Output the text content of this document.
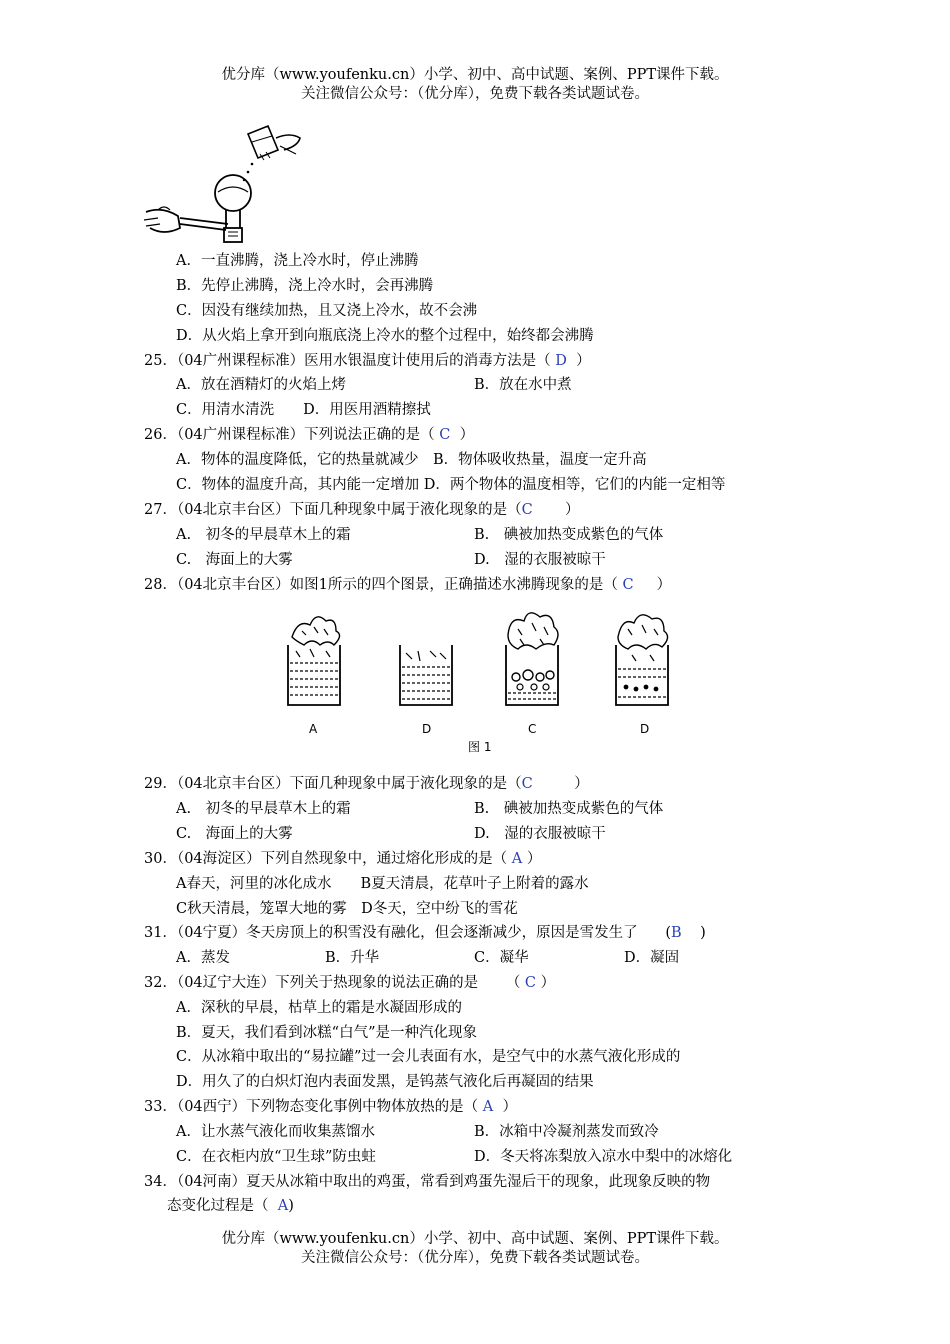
优分库（www.youfenku.cn）小学、初中、高中试题、案例、PPT课件下载。
关注微信公众号：（优分库），免费下载各类试题试卷。
A．一直沸腾，浇上冷水时，停止沸腾
B．先停止沸腾，浇上冷水时，会再沸腾
C．因没有继续加热，且又浇上冷水，故不会沸
D．从火焰上拿开到向瓶底浇上冷水的整个过程中，始终都会沸腾
25．（04广州课程标准）医用水银温度计使用后的消毒方法是（ D ）
A．放在酒精灯的火焰上烤	B．放在水中煮
C．用清水清洗　　D．用医用酒精擦拭
26．（04广州课程标准）下列说法正确的是（ C ）
A．物体的温度降低，它的热量就减少　B．物体吸收热量，温度一定升高
C．物体的温度升高，其内能一定增加 D．两个物体的温度相等，它们的内能一定相等
27．（04北京丰台区）下面几种现象中属于液化现象的是（C ）
A.　初冬的早晨草木上的霜	B.　碘被加热变成紫色的气体
C.　海面上的大雾	D.　湿的衣服被晾干
28．（04北京丰台区）如图1所示的四个图景，正确描述水沸腾现象的是（ C ）
A	D	C	D
图 1
29．（04北京丰台区）下面几种现象中属于液化现象的是（C	）
A.　初冬的早晨草木上的霜	B.　碘被加热变成紫色的气体
C.　海面上的大雾	D.　湿的衣服被晾干
30．（04海淀区）下列自然现象中，通过熔化形成的是（ A ）
A春天，河里的冰化成水　　B夏天清晨，花草叶子上附着的露水
C秋天清晨，笼罩大地的雾　D冬天，空中纷飞的雪花
31．（04宁夏）冬天房顶上的积雪没有融化，但会逐渐减少，原因是雪发生了 (B )
A．蒸发	B．升华	C．凝华	D．凝固
32．（04辽宁大连）下列关于热现象的说法正确的是 （ C ）
A．深秋的早晨，枯草上的霜是水凝固形成的
B．夏天，我们看到冰糕“白气”是一种汽化现象
C．从冰箱中取出的“易拉罐”过一会儿表面有水，是空气中的水蒸气液化形成的
D．用久了的白炽灯泡内表面发黑，是钨蒸气液化后再凝固的结果
33．（04西宁）下列物态变化事例中物体放热的是（ A ）
A．让水蒸气液化而收集蒸馏水	B．冰箱中冷凝剂蒸发而致冷
C．在衣柜内放“卫生球”防虫蛀	D．冬天将冻梨放入凉水中梨中的冰熔化
34．（04河南）夏天从冰箱中取出的鸡蛋，常看到鸡蛋先湿后干的现象，此现象反映的物
态变化过程是（ A)
优分库（www.youfenku.cn）小学、初中、高中试题、案例、PPT课件下载。
关注微信公众号：（优分库），免费下载各类试题试卷。
